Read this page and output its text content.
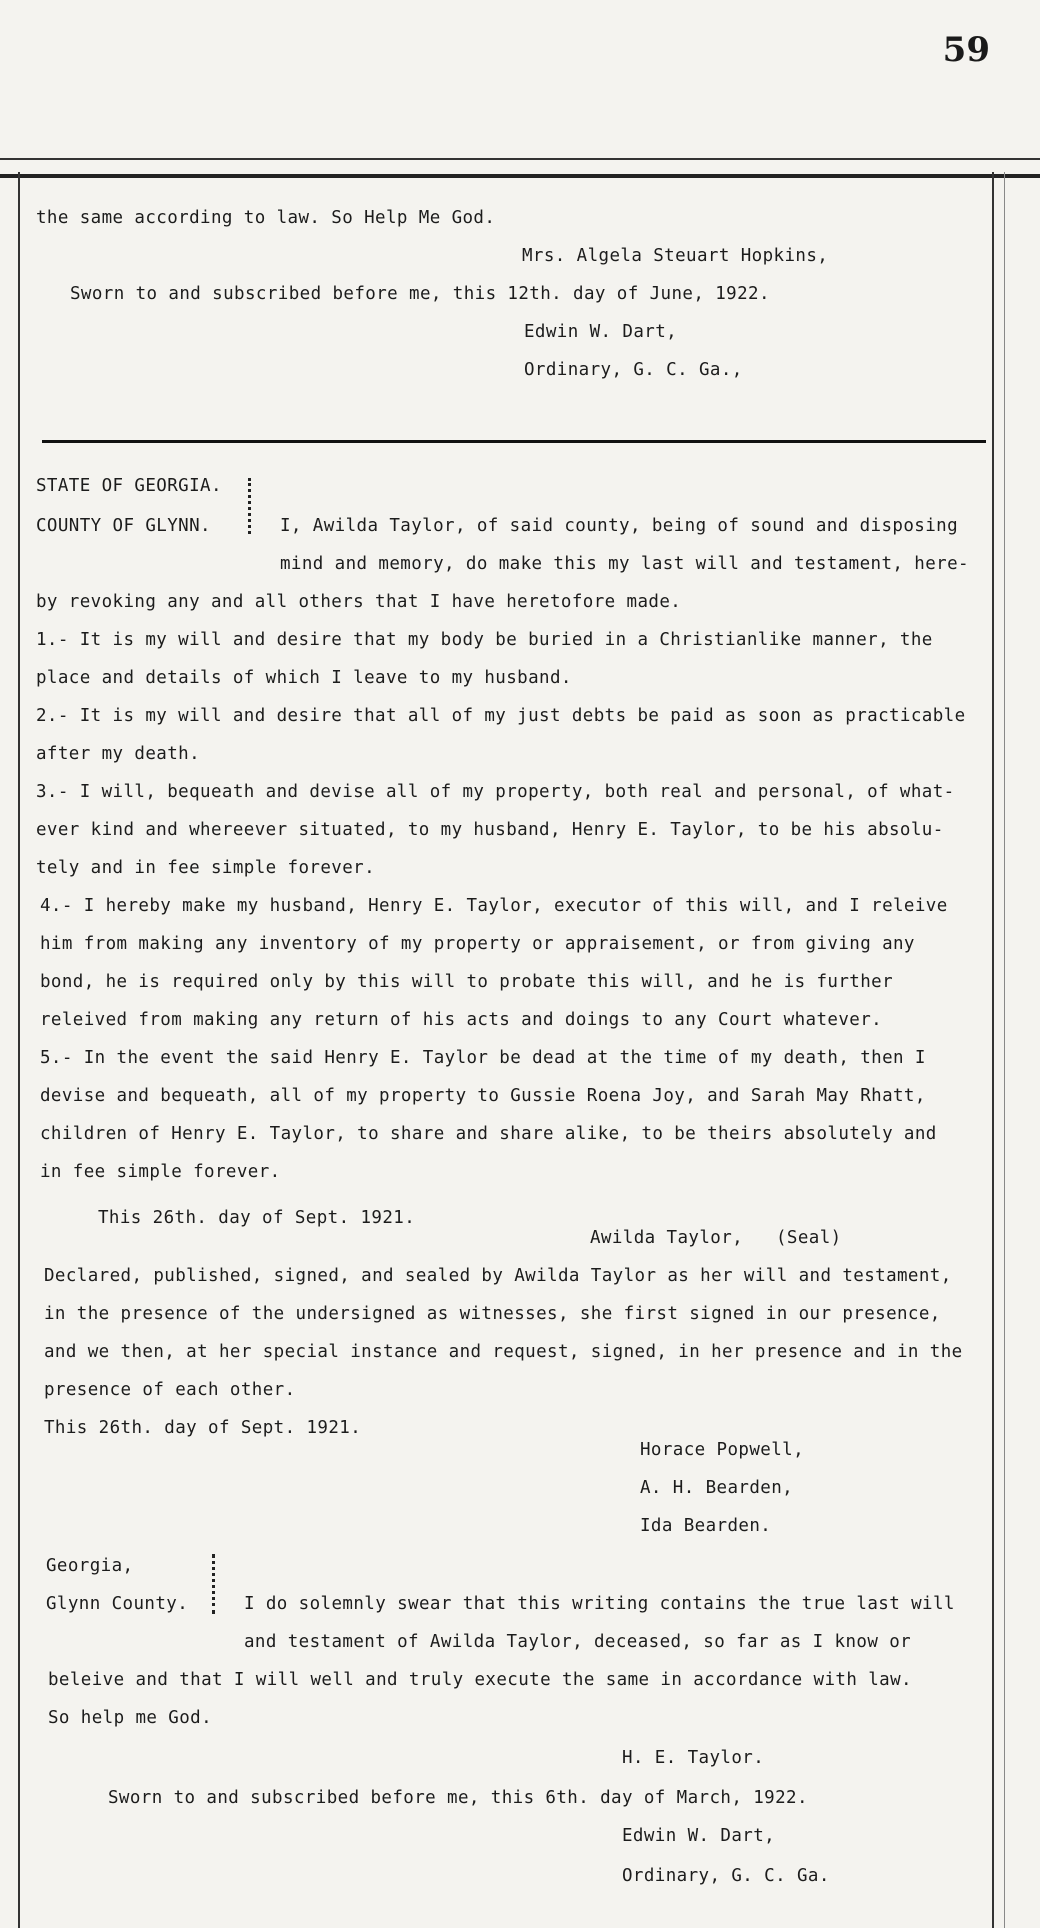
59
the same according to law. So Help Me God.
Mrs. Algela Steuart Hopkins,
Sworn to and subscribed before me, this 12th. day of June, 1922.
Edwin W. Dart,
Ordinary, G. C. Ga.,
STATE OF GEORGIA.
COUNTY OF GLYNN.	I, Awilda Taylor, of said county, being of sound and disposing
mind and memory, do make this my last will and testament, here-
by revoking any and all others that I have heretofore made.
1.- It is my will and desire that my body be buried in a Christianlike manner, the
place and details of which I leave to my husband.
2.- It is my will and desire that all of my just debts be paid as soon as practicable
after my death.
3.- I will, bequeath and devise all of my property, both real and personal, of what-
ever kind and whereever situated, to my husband, Henry E. Taylor, to be his absolu-
tely and in fee simple forever.
4.- I hereby make my husband, Henry E. Taylor, executor of this will, and I releive
him from making any inventory of my property or appraisement, or from giving any
bond, he is required only by this will to probate this will, and he is further
releived from making any return of his acts and doings to any Court whatever.
5.- In the event the said Henry E. Taylor be dead at the time of my death, then I
devise and bequeath, all of my property to Gussie Roena Joy, and Sarah May Rhatt,
children of Henry E. Taylor, to share and share alike, to be theirs absolutely and
in fee simple forever.
This 26th. day of Sept. 1921.
Awilda Taylor, (Seal)
Declared, published, signed, and sealed by Awilda Taylor as her will and testament,
in the presence of the undersigned as witnesses, she first signed in our presence,
and we then, at her special instance and request, signed, in her presence and in the
presence of each other.
This 26th. day of Sept. 1921.
Horace Popwell,
A. H. Bearden,
Ida Bearden.
Georgia,
Glynn County.	I do solemnly swear that this writing contains the true last will
and testament of Awilda Taylor, deceased, so far as I know or
beleive and that I will well and truly execute the same in accordance with law.
So help me God.
H. E. Taylor.
Sworn to and subscribed before me, this 6th. day of March, 1922.
Edwin W. Dart,
Ordinary, G. C. Ga.
